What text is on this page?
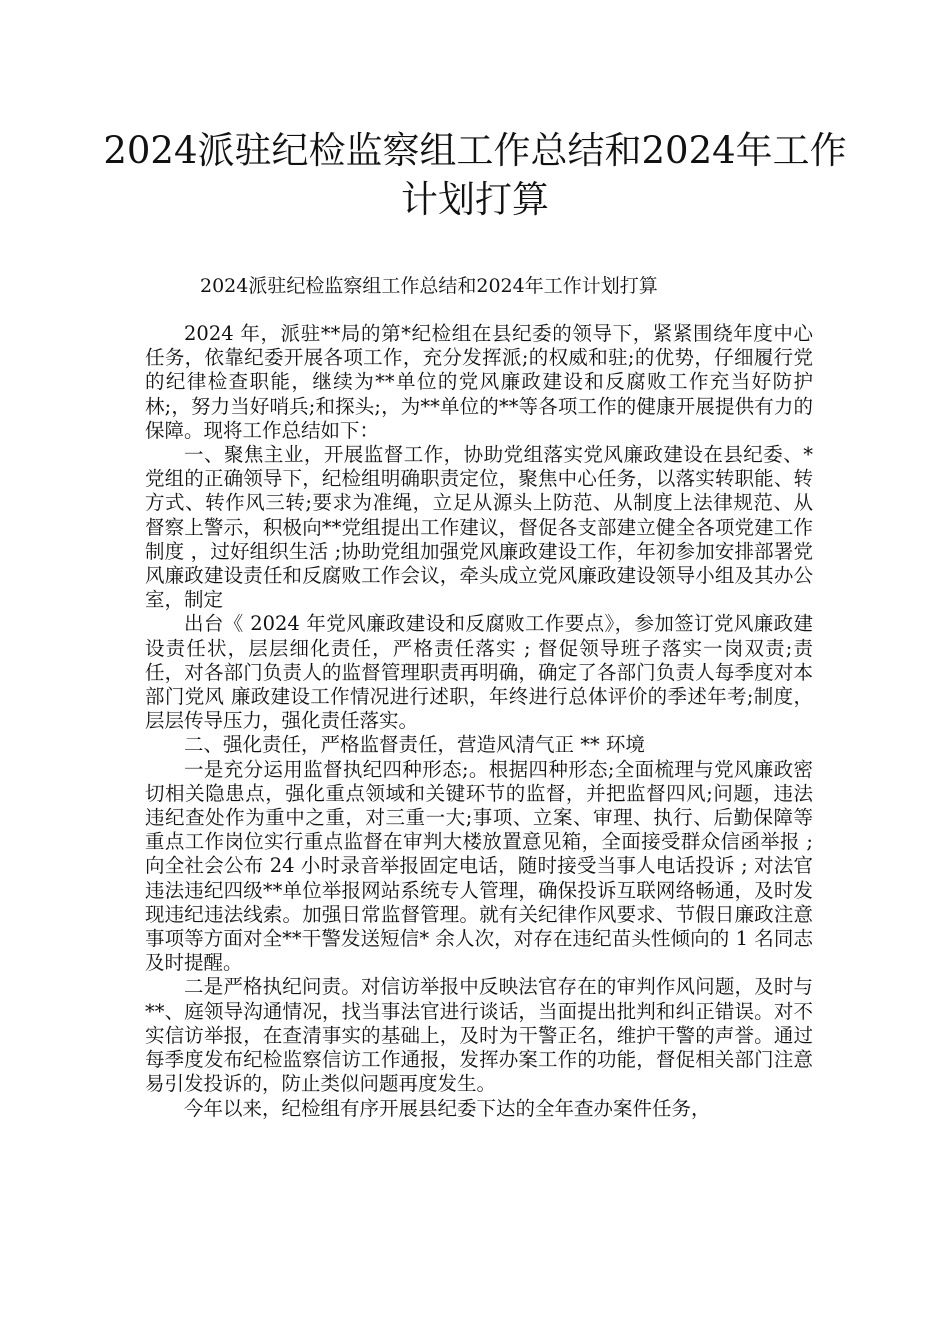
2024派驻纪检监察组工作总结和2024年工作计划打算
2024派驻纪检监察组工作总结和2024年工作计划打算

2024 年，派驻**局的第*纪检组在县纪委的领导下，紧紧围绕年度中心任务，依靠纪委开展各项工作，充分发挥派;的权威和驻;的优势，仔细履行党的纪律检查职能，继续为**单位的党风廉政建设和反腐败工作充当好防护林;，努力当好哨兵;和探头;，为**单位的**等各项工作的健康开展提供有力的保障。现将工作总结如下：

一、聚焦主业，开展监督工作，协助党组落实党风廉政建设在县纪委、*党组的正确领导下，纪检组明确职责定位，聚焦中心任务，以落实转职能、转方式、转作风三转;要求为准绳，立足从源头上防范、从制度上法律规范、从督察上警示，积极向**党组提出工作建议，督促各支部建立健全各项党建工作制度 ，过好组织生活 ;协助党组加强党风廉政建设工作，年初参加安排部署党风廉政建设责任和反腐败工作会议，牵头成立党风廉政建设领导小组及其办公室，制定

出台《 2024 年党风廉政建设和反腐败工作要点》，参加签订党风廉政建设责任状，层层细化责任，严格责任落实 ; 督促领导班子落实一岗双责;责任，对各部门负责人的监督管理职责再明确，确定了各部门负责人每季度对本部门党风 廉政建设工作情况进行述职，年终进行总体评价的季述年考;制度，层层传导压力，强化责任落实。

二、强化责任，严格监督责任，营造风清气正 ** 环境

一是充分运用监督执纪四种形态;。根据四种形态;全面梳理与党风廉政密切相关隐患点，强化重点领域和关键环节的监督，并把监督四风;问题，违法违纪查处作为重中之重，对三重一大;事项、立案、审理、执行、后勤保障等重点工作岗位实行重点监督在审判大楼放置意见箱，全面接受群众信函举报 ; 向全社会公布 24 小时录音举报固定电话，随时接受当事人电话投诉 ; 对法官违法违纪四级**单位举报网站系统专人管理，确保投诉互联网络畅通，及时发现违纪违法线索。加强日常监督管理。就有关纪律作风要求、节假日廉政注意事项等方面对全**干警发送短信* 余人次，对存在违纪苗头性倾向的 1 名同志及时提醒。

二是严格执纪问责。对信访举报中反映法官存在的审判作风问题，及时与**、庭领导沟通情况，找当事法官进行谈话，当面提出批判和纠正错误。对不实信访举报，在查清事实的基础上，及时为干警正名，维护干警的声誉。通过每季度发布纪检监察信访工作通报，发挥办案工作的功能，督促相关部门注意易引发投诉的，防止类似问题再度发生。

今年以来，纪检组有序开展县纪委下达的全年查办案件任务，
